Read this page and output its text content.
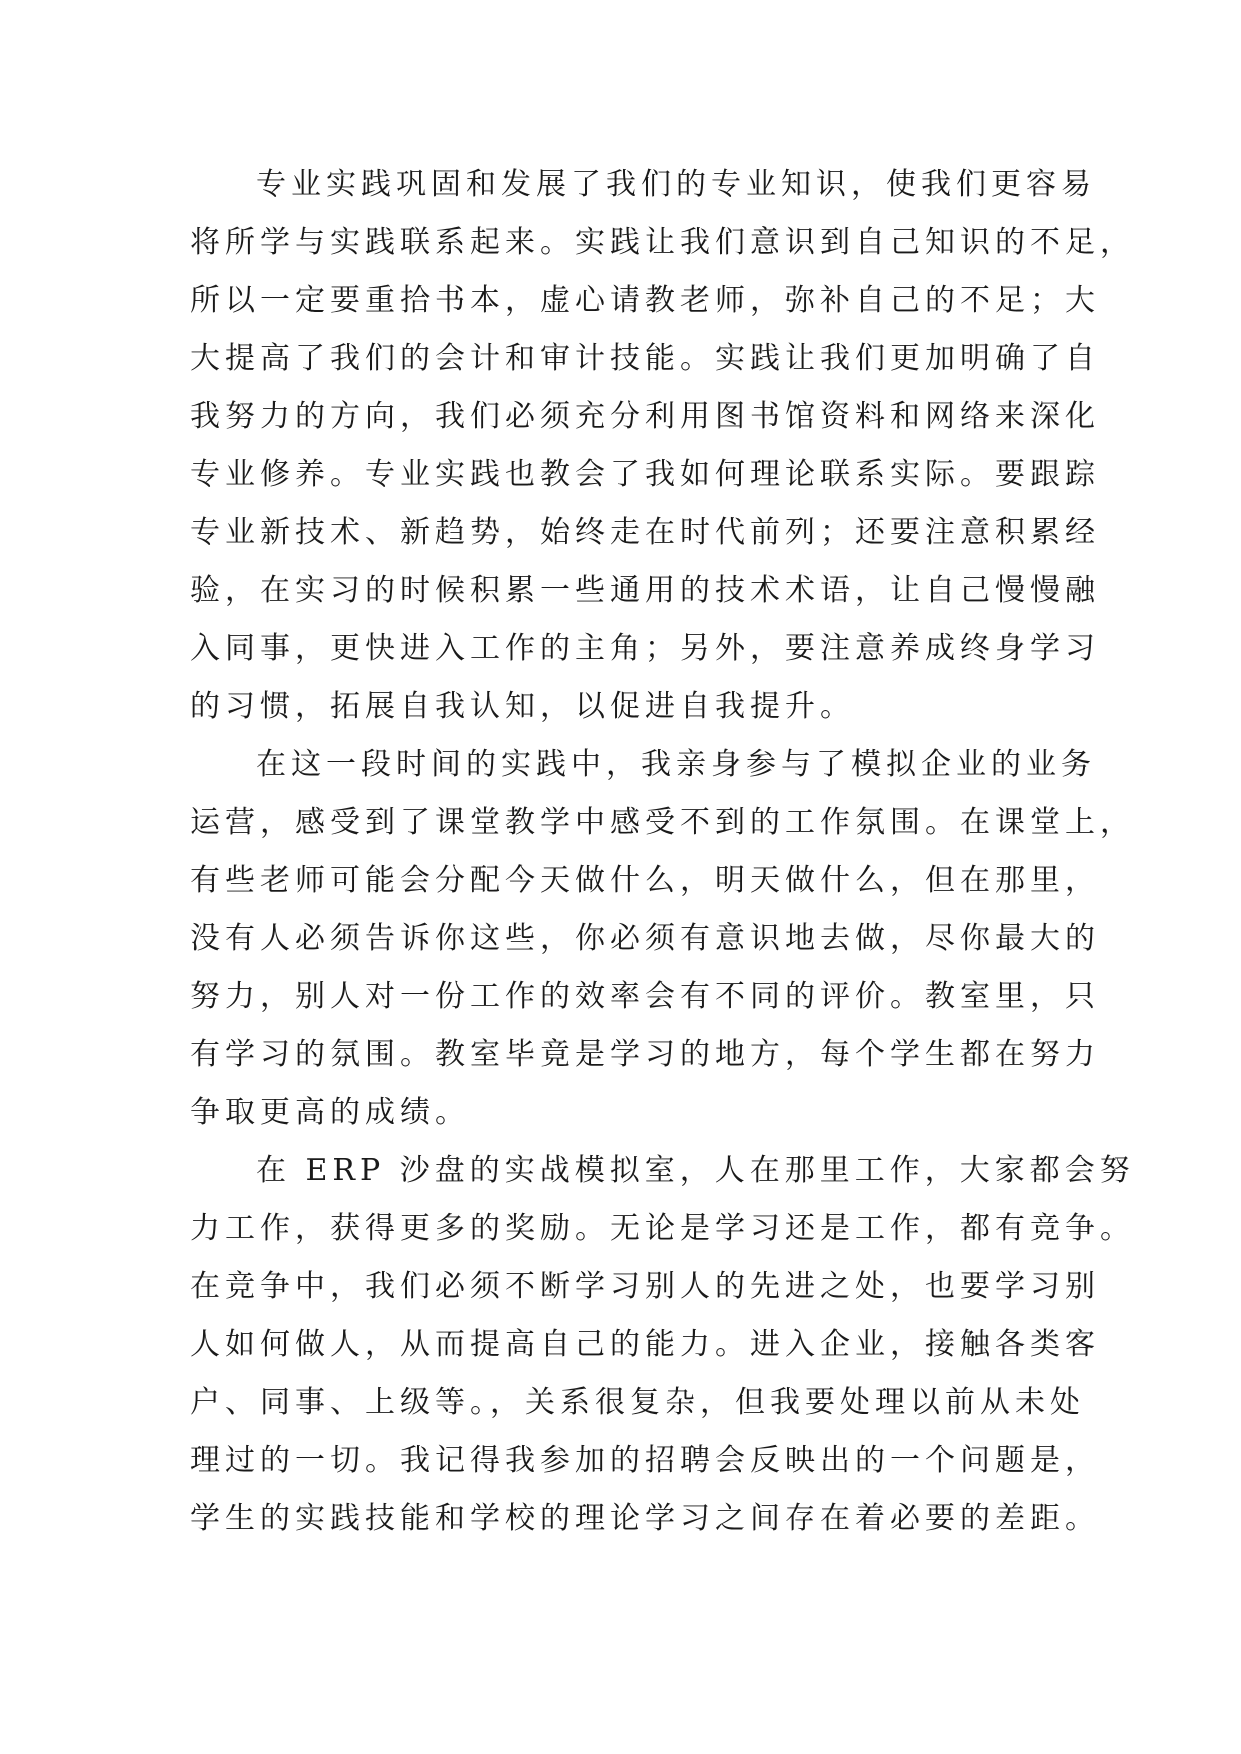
专业实践巩固和发展了我们的专业知识，使我们更容易
将所学与实践联系起来。实践让我们意识到自己知识的不足，
所以一定要重拾书本，虚心请教老师，弥补自己的不足；大
大提高了我们的会计和审计技能。实践让我们更加明确了自
我努力的方向，我们必须充分利用图书馆资料和网络来深化
专业修养。专业实践也教会了我如何理论联系实际。要跟踪
专业新技术、新趋势，始终走在时代前列；还要注意积累经
验，在实习的时候积累一些通用的技术术语，让自己慢慢融
入同事，更快进入工作的主角；另外，要注意养成终身学习
的习惯，拓展自我认知，以促进自我提升。
在这一段时间的实践中，我亲身参与了模拟企业的业务
运营，感受到了课堂教学中感受不到的工作氛围。在课堂上，
有些老师可能会分配今天做什么，明天做什么，但在那里，
没有人必须告诉你这些，你必须有意识地去做，尽你最大的
努力，别人对一份工作的效率会有不同的评价。教室里，只
有学习的氛围。教室毕竟是学习的地方，每个学生都在努力
争取更高的成绩。
在 ERP 沙盘的实战模拟室，人在那里工作，大家都会努
力工作，获得更多的奖励。无论是学习还是工作，都有竞争。
在竞争中，我们必须不断学习别人的先进之处，也要学习别
人如何做人，从而提高自己的能力。进入企业，接触各类客
户、同事、上级等。，关系很复杂，但我要处理以前从未处
理过的一切。我记得我参加的招聘会反映出的一个问题是，
学生的实践技能和学校的理论学习之间存在着必要的差距。
